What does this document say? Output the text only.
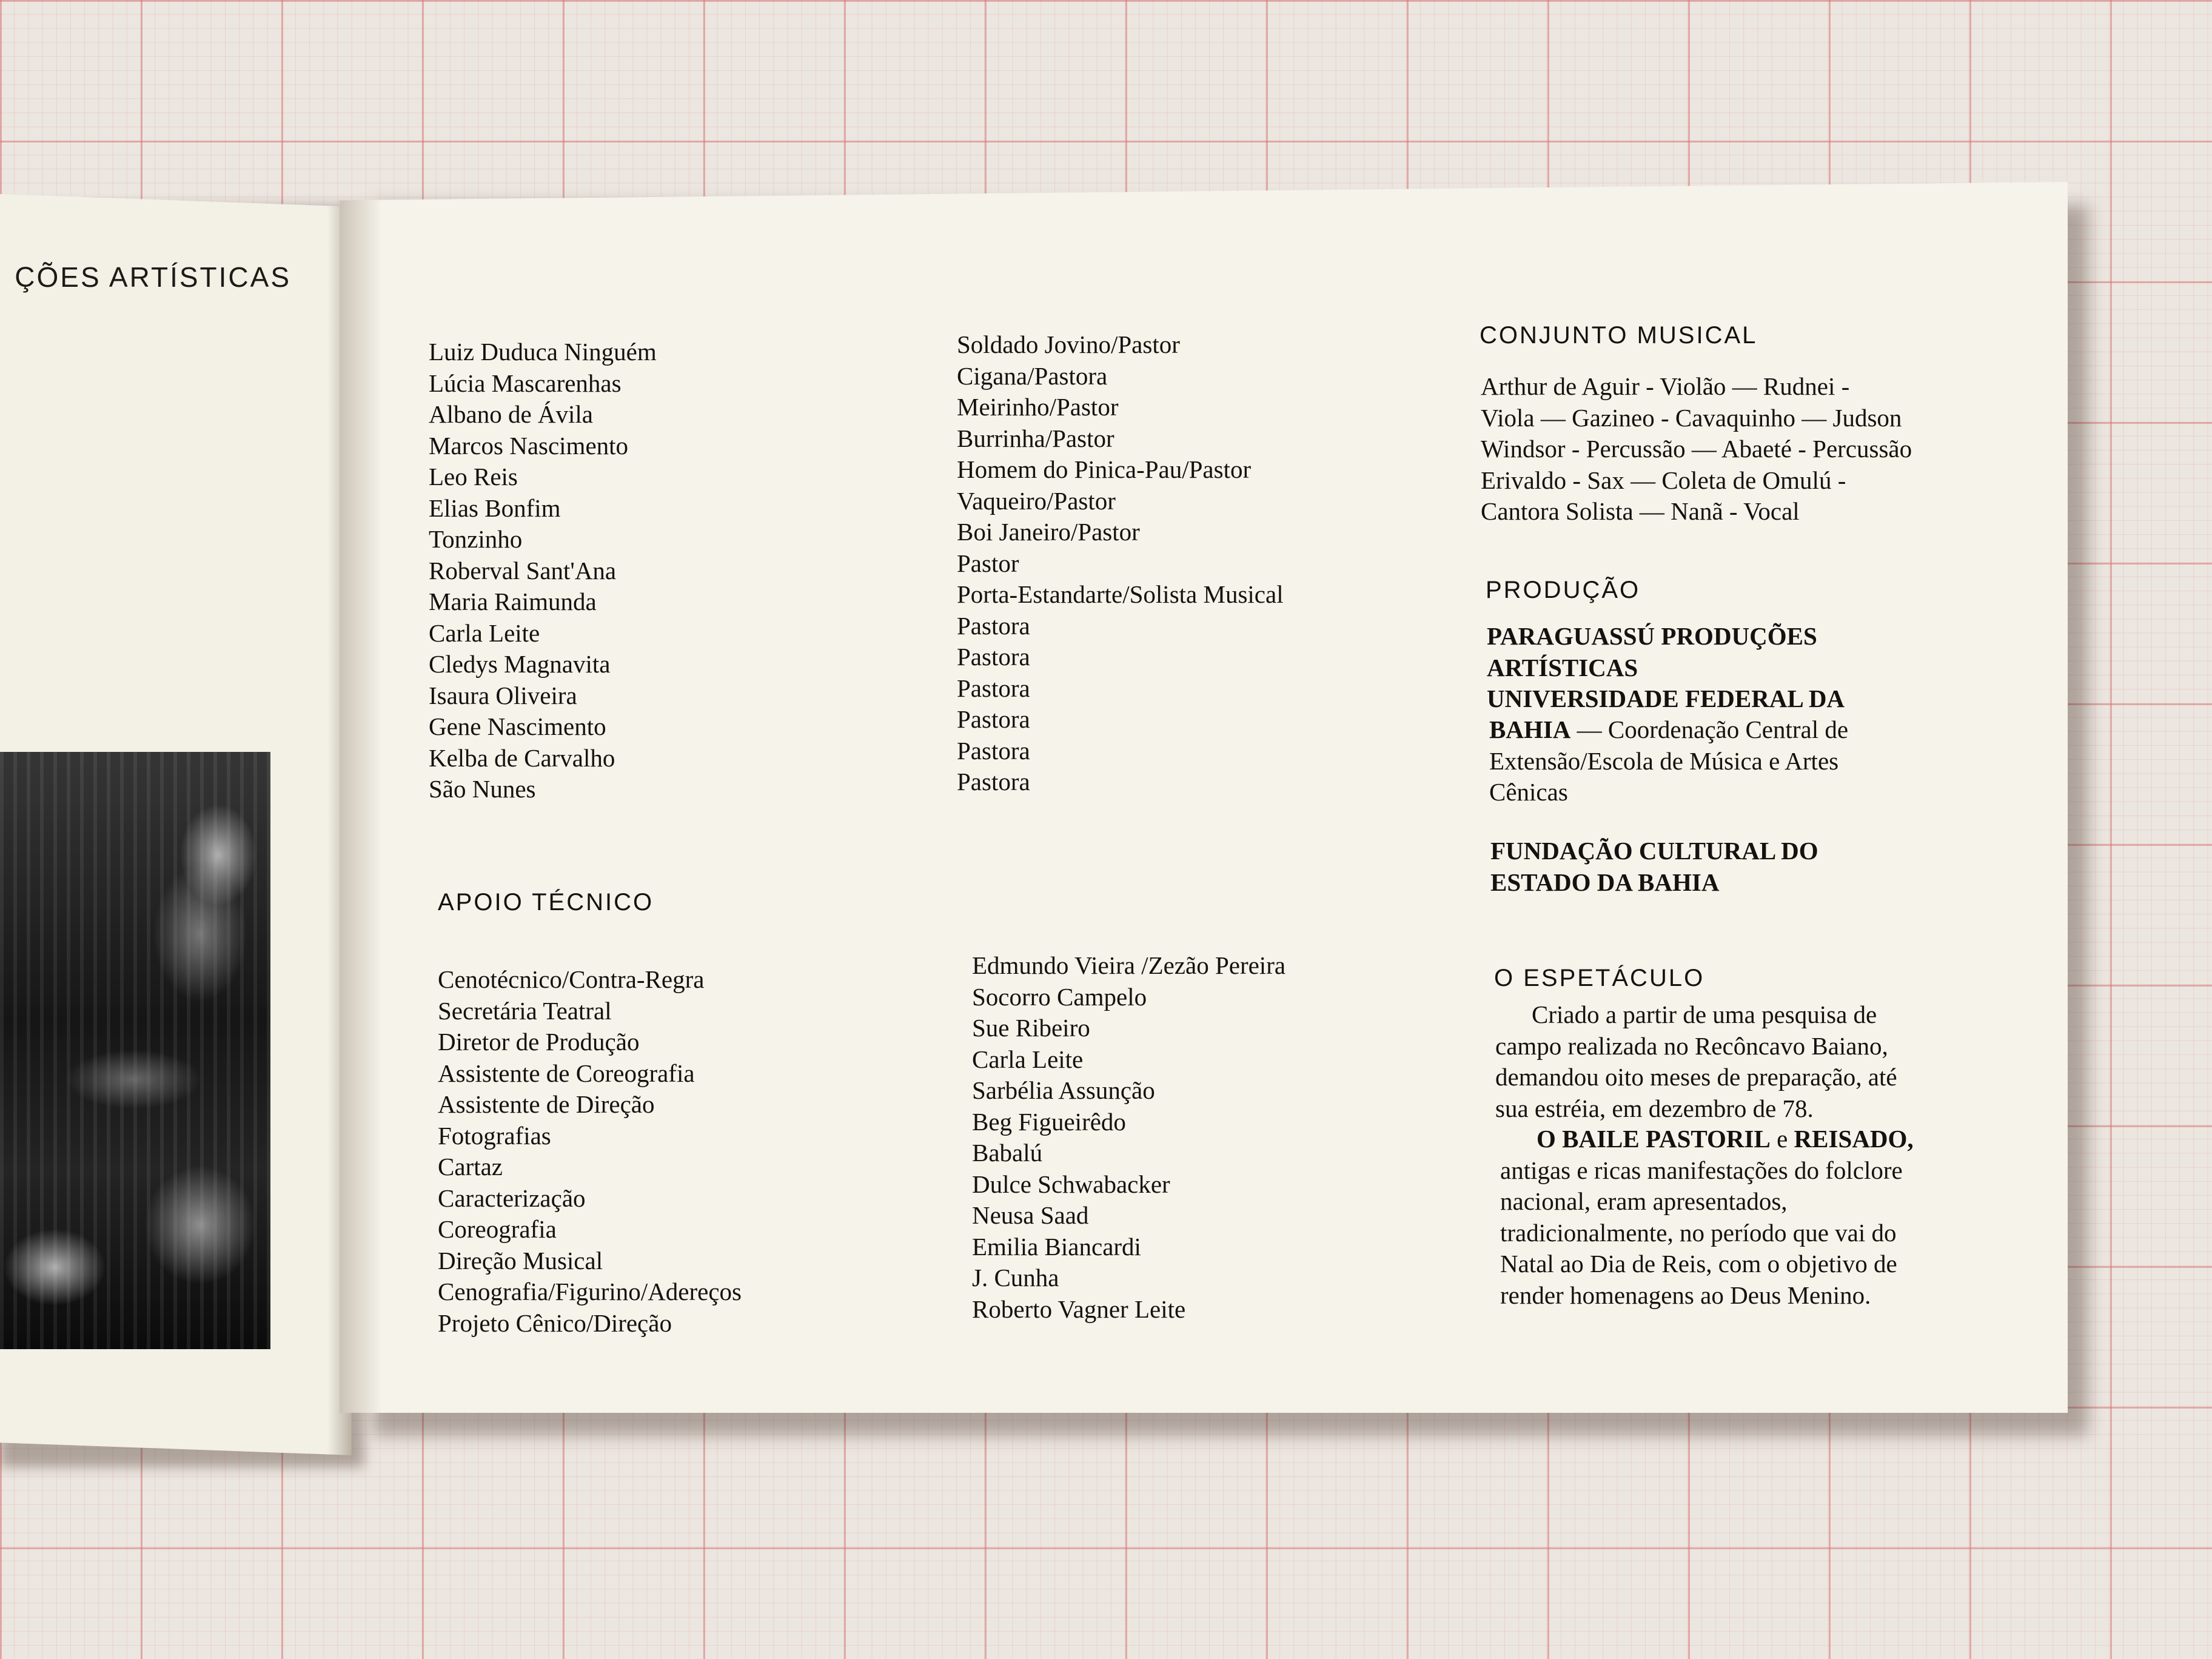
ÇÕES ARTÍSTICAS
Luiz Duduca Ninguém
Lúcia Mascarenhas
Albano de Ávila
Marcos Nascimento
Leo Reis
Elias Bonfim
Tonzinho
Roberval Sant'Ana
Maria Raimunda
Carla Leite
Cledys Magnavita
Isaura Oliveira
Gene Nascimento
Kelba de Carvalho
São Nunes
Soldado Jovino/Pastor
Cigana/Pastora
Meirinho/Pastor
Burrinha/Pastor
Homem do Pinica-Pau/Pastor
Vaqueiro/Pastor
Boi Janeiro/Pastor
Pastor
Porta-Estandarte/Solista Musical
Pastora
Pastora
Pastora
Pastora
Pastora
Pastora
APOIO TÉCNICO
Cenotécnico/Contra-Regra
Secretária Teatral
Diretor de Produção
Assistente de Coreografia
Assistente de Direção
Fotografias
Cartaz
Caracterização
Coreografia
Direção Musical
Cenografia/Figurino/Adereços
Projeto Cênico/Direção
Edmundo Vieira /Zezão Pereira
Socorro Campelo
Sue Ribeiro
Carla Leite
Sarbélia Assunção
Beg Figueirêdo
Babalú
Dulce Schwabacker
Neusa Saad
Emilia Biancardi
J. Cunha
Roberto Vagner Leite
CONJUNTO MUSICAL
Arthur de Aguir - Violão — Rudnei -
Viola — Gazineo - Cavaquinho — Judson
Windsor - Percussão — Abaeté - Percussão
Erivaldo - Sax — Coleta de Omulú -
Cantora Solista — Nanã - Vocal
PRODUÇÃO
PARAGUASSÚ PRODUÇÕES
ARTÍSTICAS
UNIVERSIDADE FEDERAL DA
BAHIA — Coordenação Central de
Extensão/Escola de Música e Artes
Cênicas
FUNDAÇÃO CULTURAL DO
ESTADO DA BAHIA
O ESPETÁCULO
Criado a partir de uma pesquisa de
campo realizada no Recôncavo Baiano,
demandou oito meses de preparação, até
sua estréia, em dezembro de 78.
O BAILE PASTORIL e REISADO,
antigas e ricas manifestações do folclore
nacional, eram apresentados,
tradicionalmente, no período que vai do
Natal ao Dia de Reis, com o objetivo de
render homenagens ao Deus Menino.
